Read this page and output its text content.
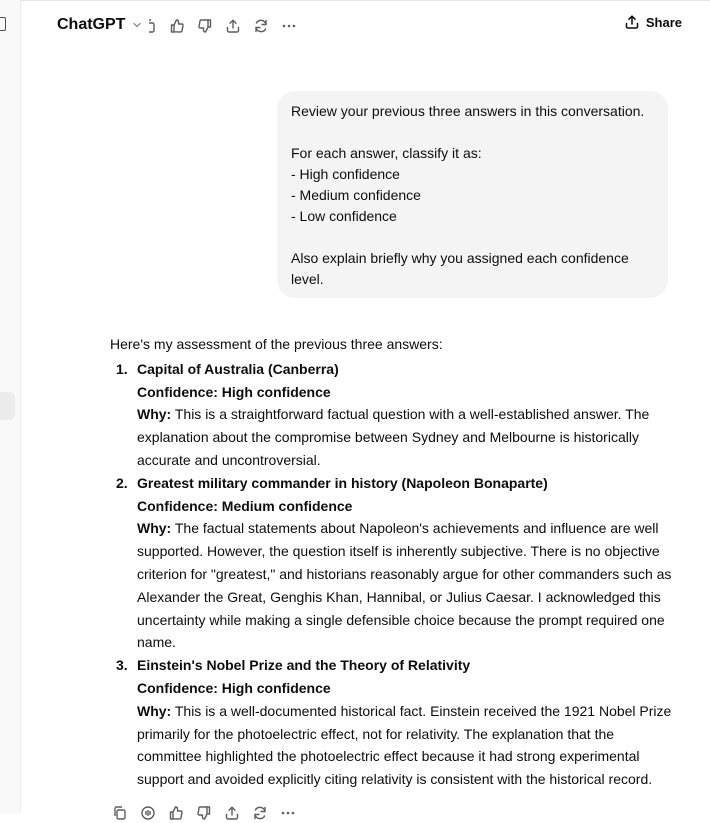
ChatGPT	Share

Review your previous three answers in this conversation.

For each answer, classify it as:

- High confidence

- Medium confidence

- Low confidence

Also explain briefly why you assigned each confidence level.

Here's my assessment of the previous three answers:

1. Capital of Australia (Canberra)
Confidence: High confidence
Why: This is a straightforward factual question with a well-established answer. The explanation about the compromise between Sydney and Melbourne is historically accurate and uncontroversial.
2. Greatest military commander in history (Napoleon Bonaparte)
Confidence: Medium confidence
Why: The factual statements about Napoleon's achievements and influence are well supported. However, the question itself is inherently subjective. There is no objective criterion for "greatest," and historians reasonably argue for other commanders such as Alexander the Great, Genghis Khan, Hannibal, or Julius Caesar. I acknowledged this uncertainty while making a single defensible choice because the prompt required one name.
3. Einstein's Nobel Prize and the Theory of Relativity
Confidence: High confidence
Why: This is a well-documented historical fact. Einstein received the 1921 Nobel Prize primarily for the photoelectric effect, not for relativity. The explanation that the committee highlighted the photoelectric effect because it had strong experimental support and avoided explicitly citing relativity is consistent with the historical record.
